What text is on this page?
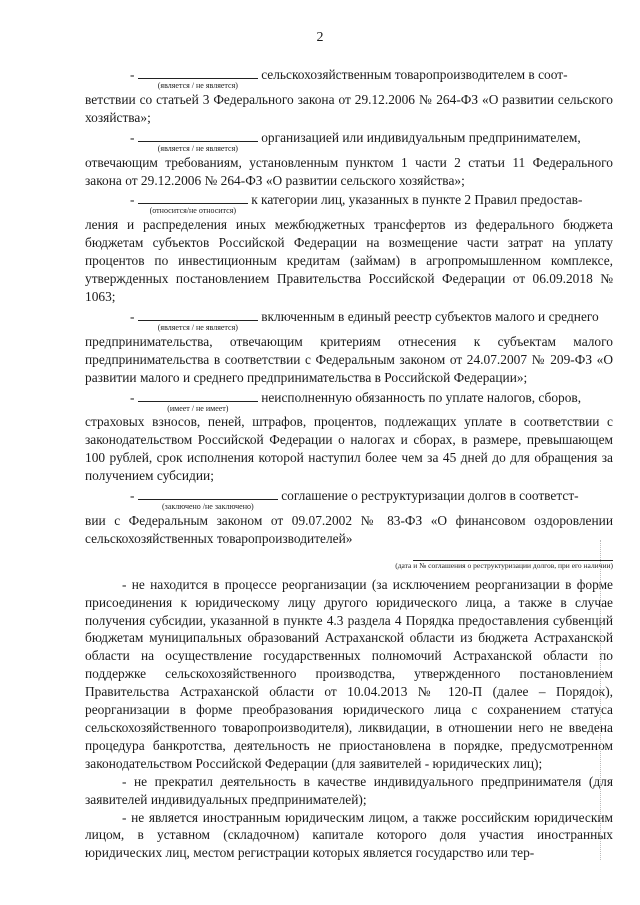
2
-
(является / не является)
сельскохозяйственным товаропроизводителем в соот-
ветствии со статьей 3 Федерального закона от 29.12.2006 № 264-ФЗ «О развитии сельского хозяйства»;
-
(является / не является)
организацией или индивидуальным предпринимателем,
отвечающим требованиям, установленным пунктом 1 части 2 статьи 11 Федерального закона от 29.12.2006 № 264-ФЗ «О развитии сельского хозяйства»;
-
(относится/не относится)
к категории лиц, указанных в пункте 2 Правил предостав-
ления и распределения иных межбюджетных трансфертов из федерального бюджета бюджетам субъектов Российской Федерации на возмещение части затрат на уплату процентов по инвестиционным кредитам (займам) в агропромышленном комплексе, утвержденных постановлением Правительства Российской Федерации от 06.09.2018 № 1063;
-
(является / не является)
включенным в единый реестр субъектов малого и среднего
предпринимательства, отвечающим критериям отнесения к субъектам малого предпринимательства в соответствии с Федеральным законом от 24.07.2007 № 209-ФЗ «О развитии малого и среднего предпринимательства в Российской Федерации»;
-
(имеет / не имеет)
неисполненную обязанность по уплате налогов, сборов,
страховых взносов, пеней, штрафов, процентов, подлежащих уплате в соответствии с законодательством Российской Федерации о налогах и сборах, в размере, превышающем 100 рублей, срок исполнения которой наступил более чем за 45 дней до для обращения за получением субсидии;
-
(заключено /не заключено)
соглашение о реструктуризации долгов в соответст-
вии с Федеральным законом от 09.07.2002 № 83-ФЗ «О финансовом оздоровлении сельскохозяйственных товаропроизводителей»
(дата и № соглашения о реструктуризации долгов, при его наличии)

- не находится в процессе реорганизации (за исключением реорганизации в форме присоединения к юридическому лицу другого юридического лица, а также в случае получения субсидии, указанной в пункте 4.3 раздела 4 Порядка предоставления субвенций бюджетам муниципальных образований Астраханской области из бюджета Астраханской области на осуществление государственных полномочий Астраханской области по поддержке сельскохозяйственного производства, утвержденного постановлением Правительства Астраханской области от 10.04.2013 № 120-П (далее – Порядок), реорганизации в форме преобразования юридического лица с сохранением статуса сельскохозяйственного товаропроизводителя), ликвидации, в отношении него не введена процедура банкротства, деятельность не приостановлена в порядке, предусмотренном законодательством Российской Федерации (для заявителей - юридических лиц);

- не прекратил деятельность в качестве индивидуального предпринимателя (для заявителей индивидуальных предпринимателей);

- не является иностранным юридическим лицом, а также российским юридическим лицом, в уставном (складочном) капитале которого доля участия иностранных юридических лиц, местом регистрации которых является государство или тер-
